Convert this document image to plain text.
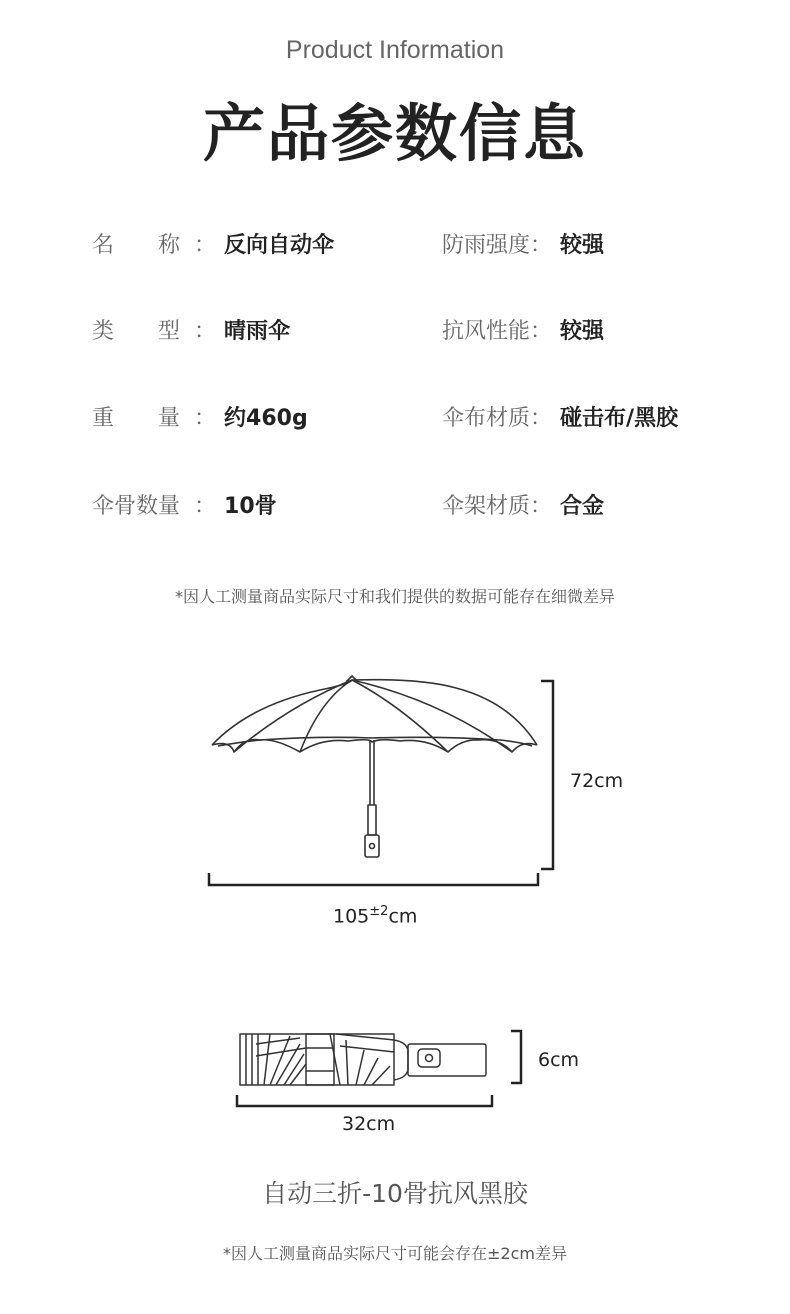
Product Information
产品参数信息
名　　称 ： 反向自动伞	防雨强度： 较强
类　　型 ： 晴雨伞	抗风性能： 较强
重　　量 ： 约460g	伞布材质： 碰击布/黑胶
伞骨数量 ： 10骨	伞架材质： 合金
*因人工测量商品实际尺寸和我们提供的数据可能存在细微差异
72cm
$105^{\pm 2}cm$
6cm
32cm
自动三折-10骨抗风黑胶
*因人工测量商品实际尺寸可能会存在±2cm差异
